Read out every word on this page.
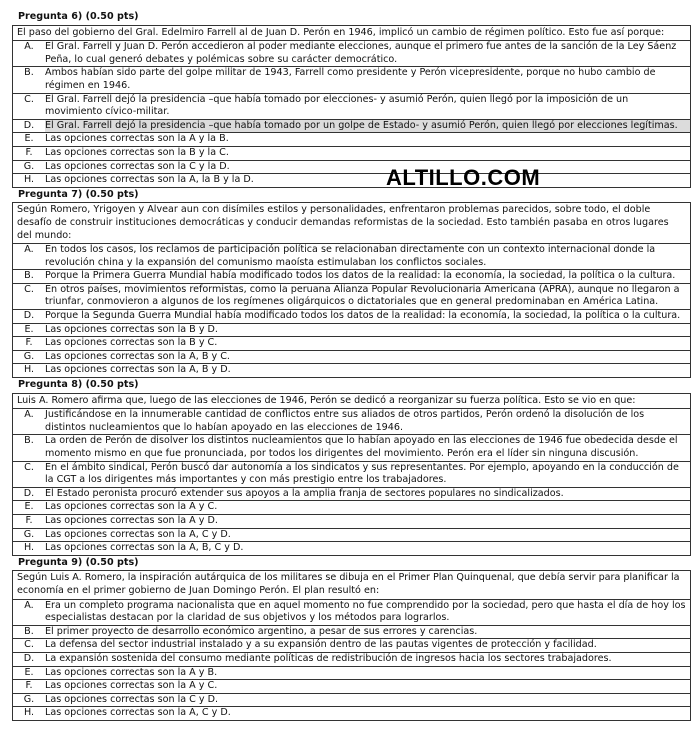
Pregunta 6) (0.50 pts)
El paso del gobierno del Gral. Edelmiro Farrell al de Juan D. Perón en 1946, implicó un cambio de régimen político. Esto fue así porque:
A.	El Gral. Farrell y Juan D. Perón accedieron al poder mediante elecciones, aunque el primero fue antes de la sanción de la Ley Sáenz Peña, lo cual generó debates y polémicas sobre su carácter democrático.
B.	Ambos habían sido parte del golpe militar de 1943, Farrell como presidente y Perón vicepresidente, porque no hubo cambio de régimen en 1946.
C.	El Gral. Farrell dejó la presidencia –que había tomado por elecciones- y asumió Perón, quien llegó por la imposición de un movimiento cívico-militar.
D.	El Gral. Farrell dejó la presidencia –que había tomado por un golpe de Estado- y asumió Perón, quien llegó por elecciones legítimas.
E.	Las opciones correctas son la A y la B.
F.	Las opciones correctas son la B y la C.
G.	Las opciones correctas son la C y la D.
H.	Las opciones correctas son la A, la B y la D.
Pregunta 7) (0.50 pts)
Según Romero, Yrigoyen y Alvear aun con disímiles estilos y personalidades, enfrentaron problemas parecidos, sobre todo, el doble desafío de construir instituciones democráticas y conducir demandas reformistas de la sociedad. Esto también pasaba en otros lugares del mundo:
A.	En todos los casos, los reclamos de participación política se relacionaban directamente con un contexto internacional donde la revolución china y la expansión del comunismo maoísta estimulaban los conflictos sociales.
B.	Porque la Primera Guerra Mundial había modificado todos los datos de la realidad: la economía, la sociedad, la política o la cultura.
C.	En otros países, movimientos reformistas, como la peruana Alianza Popular Revolucionaria Americana (APRA), aunque no llegaron a triunfar, conmovieron a algunos de los regímenes oligárquicos o dictatoriales que en general predominaban en América Latina.
D.	Porque la Segunda Guerra Mundial había modificado todos los datos de la realidad: la economía, la sociedad, la política o la cultura.
E.	Las opciones correctas son la B y D.
F.	Las opciones correctas son la B y C.
G.	Las opciones correctas son la A, B y C.
H.	Las opciones correctas son la A, B y D.
Pregunta 8) (0.50 pts)
Luis A. Romero afirma que, luego de las elecciones de 1946, Perón se dedicó a reorganizar su fuerza política. Esto se vio en que:
A.	Justificándose en la innumerable cantidad de conflictos entre sus aliados de otros partidos, Perón ordenó la disolución de los distintos nucleamientos que lo habían apoyado en las elecciones de 1946.
B.	La orden de Perón de disolver los distintos nucleamientos que lo habían apoyado en las elecciones de 1946 fue obedecida desde el momento mismo en que fue pronunciada, por todos los dirigentes del movimiento. Perón era el líder sin ninguna discusión.
C.	En el ámbito sindical, Perón buscó dar autonomía a los sindicatos y sus representantes. Por ejemplo, apoyando en la conducción de la CGT a los dirigentes más importantes y con más prestigio entre los trabajadores.
D.	El Estado peronista procuró extender sus apoyos a la amplia franja de sectores populares no sindicalizados.
E.	Las opciones correctas son la A y C.
F.	Las opciones correctas son la A y D.
G.	Las opciones correctas son la A, C y D.
H.	Las opciones correctas son la A, B, C y D.
Pregunta 9) (0.50 pts)
Según Luis A. Romero, la inspiración autárquica de los militares se dibuja en el Primer Plan Quinquenal, que debía servir para planificar la economía en el primer gobierno de Juan Domingo Perón. El plan resultó en:
A.	Era un completo programa nacionalista que en aquel momento no fue comprendido por la sociedad, pero que hasta el día de hoy los especialistas destacan por la claridad de sus objetivos y los métodos para lograrlos.
B.	El primer proyecto de desarrollo económico argentino, a pesar de sus errores y carencias.
C.	La defensa del sector industrial instalado y a su expansión dentro de las pautas vigentes de protección y facilidad.
D.	La expansión sostenida del consumo mediante políticas de redistribución de ingresos hacia los sectores trabajadores.
E.	Las opciones correctas son la A y B.
F.	Las opciones correctas son la A y C.
G.	Las opciones correctas son la C y D.
H.	Las opciones correctas son la A, C y D.
ALTILLO.COM
